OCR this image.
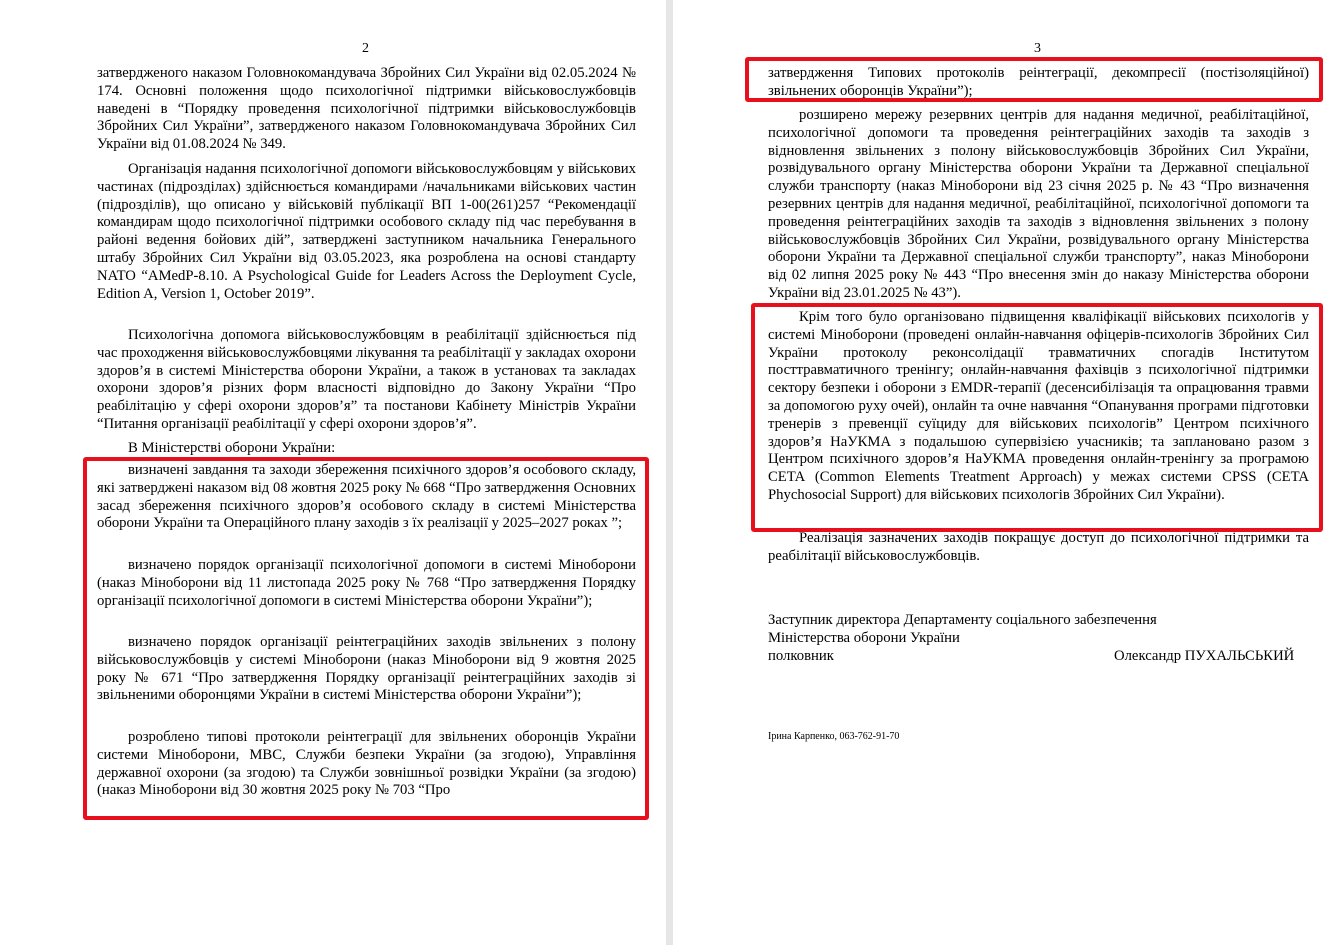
2

затвердженого наказом Головнокомандувача Збройних Сил України від 02.05.2024 № 174. Основні положення щодо психологічної підтримки військовослужбовців наведені в “Порядку проведення психологічної підтримки військовослужбовців Збройних Сил України”, затвердженого наказом Головнокомандувача Збройних Сил України від 01.08.2024 № 349.

Організація надання психологічної допомоги військовослужбовцям у військових частинах (підрозділах) здійснюється командирами /начальниками військових частин (підрозділів), що описано у військовій публікації ВП 1-00(261)257 “Рекомендації командирам щодо психологічної підтримки особового складу під час перебування в районі ведення бойових дій”, затверджені заступником начальника Генерального штабу Збройних Сил України від 03.05.2023, яка розроблена на основі стандарту NATO “AMedP-8.10. A Psychological Guide for Leaders Across the Deployment Cycle, Edition A, Version 1, October 2019”.

Психологічна допомога військовослужбовцям в реабілітації здійснюється під час проходження військовослужбовцями лікування та реабілітації у закладах охорони здоров’я в системі Міністерства оборони України, а також в установах та закладах охорони здоров’я різних форм власності відповідно до Закону України “Про реабілітацію у сфері охорони здоров’я” та постанови Кабінету Міністрів України “Питання організації реабілітації у сфері охорони здоров’я”.

В Міністерстві оборони України:

визначені завдання та заходи збереження психічного здоров’я особового складу, які затверджені наказом від 08 жовтня 2025 року № 668 “Про затвердження Основних засад збереження психічного здоров’я особового складу в системі Міністерства оборони України та Операційного плану заходів з їх реалізації у 2025–2027 роках ”;

визначено порядок організації психологічної допомоги в системі Міноборони (наказ Міноборони від 11 листопада 2025 року № 768 “Про затвердження Порядку організації психологічної допомоги в системі Міністерства оборони України”);

визначено порядок організації реінтеграційних заходів звільнених з полону військовослужбовців у системі Міноборони (наказ Міноборони від 9 жовтня 2025 року № 671 “Про затвердження Порядку організації реінтеграційних заходів зі звільненими оборонцями України в системі Міністерства оборони України”);

розроблено типові протоколи реінтеграції для звільнених оборонців України системи Міноборони, МВС, Служби безпеки України (за згодою), Управління державної охорони (за згодою) та Служби зовнішньої розвідки України (за згодою) (наказ Міноборони від 30 жовтня 2025 року № 703 “Про

3

затвердження Типових протоколів реінтеграції, декомпресії (постізоляційної) звільнених оборонців України”);

розширено мережу резервних центрів для надання медичної, реабілітаційної, психологічної допомоги та проведення реінтеграційних заходів та заходів з відновлення звільнених з полону військовослужбовців Збройних Сил України, розвідувального органу Міністерства оборони України та Державної спеціальної служби транспорту (наказ Міноборони від 23 січня 2025 р. № 43 “Про визначення резервних центрів для надання медичної, реабілітаційної, психологічної допомоги та проведення реінтеграційних заходів та заходів з відновлення звільнених з полону військовослужбовців Збройних Сил України, розвідувального органу Міністерства оборони України та Державної спеціальної служби транспорту”, наказ Міноборони від 02 липня 2025 року № 443 “Про внесення змін до наказу Міністерства оборони України від 23.01.2025 № 43”).

Крім того було організовано підвищення кваліфікації військових психологів у системі Міноборони (проведені онлайн-навчання офіцерів-психологів Збройних Сил України протоколу реконсолідації травматичних спогадів Інститутом посттравматичного тренінгу; онлайн-навчання фахівців з психологічної підтримки сектору безпеки і оборони з EMDR-терапії (десенсибілізація та опрацювання травми за допомогою руху очей), онлайн та очне навчання “Опанування програми підготовки тренерів з превенції суїциду для військових психологів” Центром психічного здоров’я НаУКМА з подальшою супервізією учасників; та заплановано разом з Центром психічного здоров’я НаУКМА проведення онлайн-тренінгу за програмою CETA (Common Elements Treatment Approach) у межах системи CPSS (CETA Phychosocial Support) для військових психологів Збройних Сил України).

Реалізація зазначених заходів покращує доступ до психологічної підтримки та реабілітації військовослужбовців.

Заступник директора Департаменту соціального забезпечення
Міністерства оборони України
полковник	Олександр ПУХАЛЬСЬКИЙ
Ірина Карпенко, 063-762-91-70
